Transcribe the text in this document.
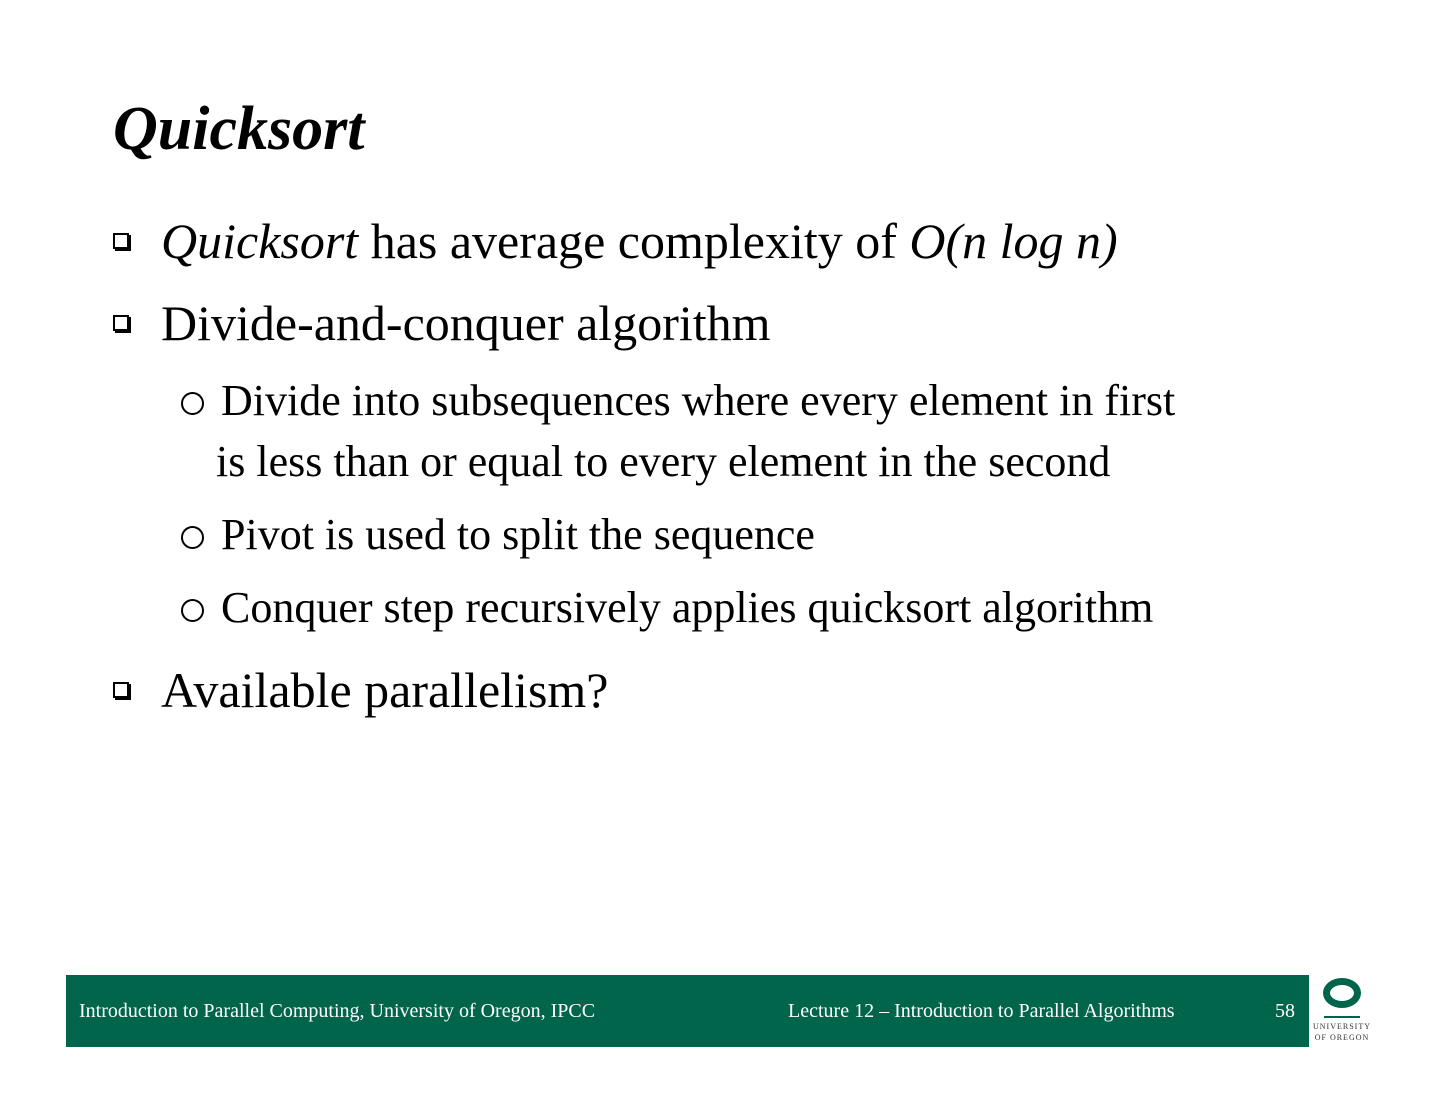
Quicksort
Quicksort has average complexity of O(n log n)
Divide-and-conquer algorithm
Divide into subsequences where every element in first
is less than or equal to every element in the second
Pivot is used to split the sequence
Conquer step recursively applies quicksort algorithm
Available parallelism?
Introduction to Parallel Computing, University of Oregon, IPCC	Lecture 12 – Introduction to Parallel Algorithms	58
UNIVERSITY
OF OREGON
